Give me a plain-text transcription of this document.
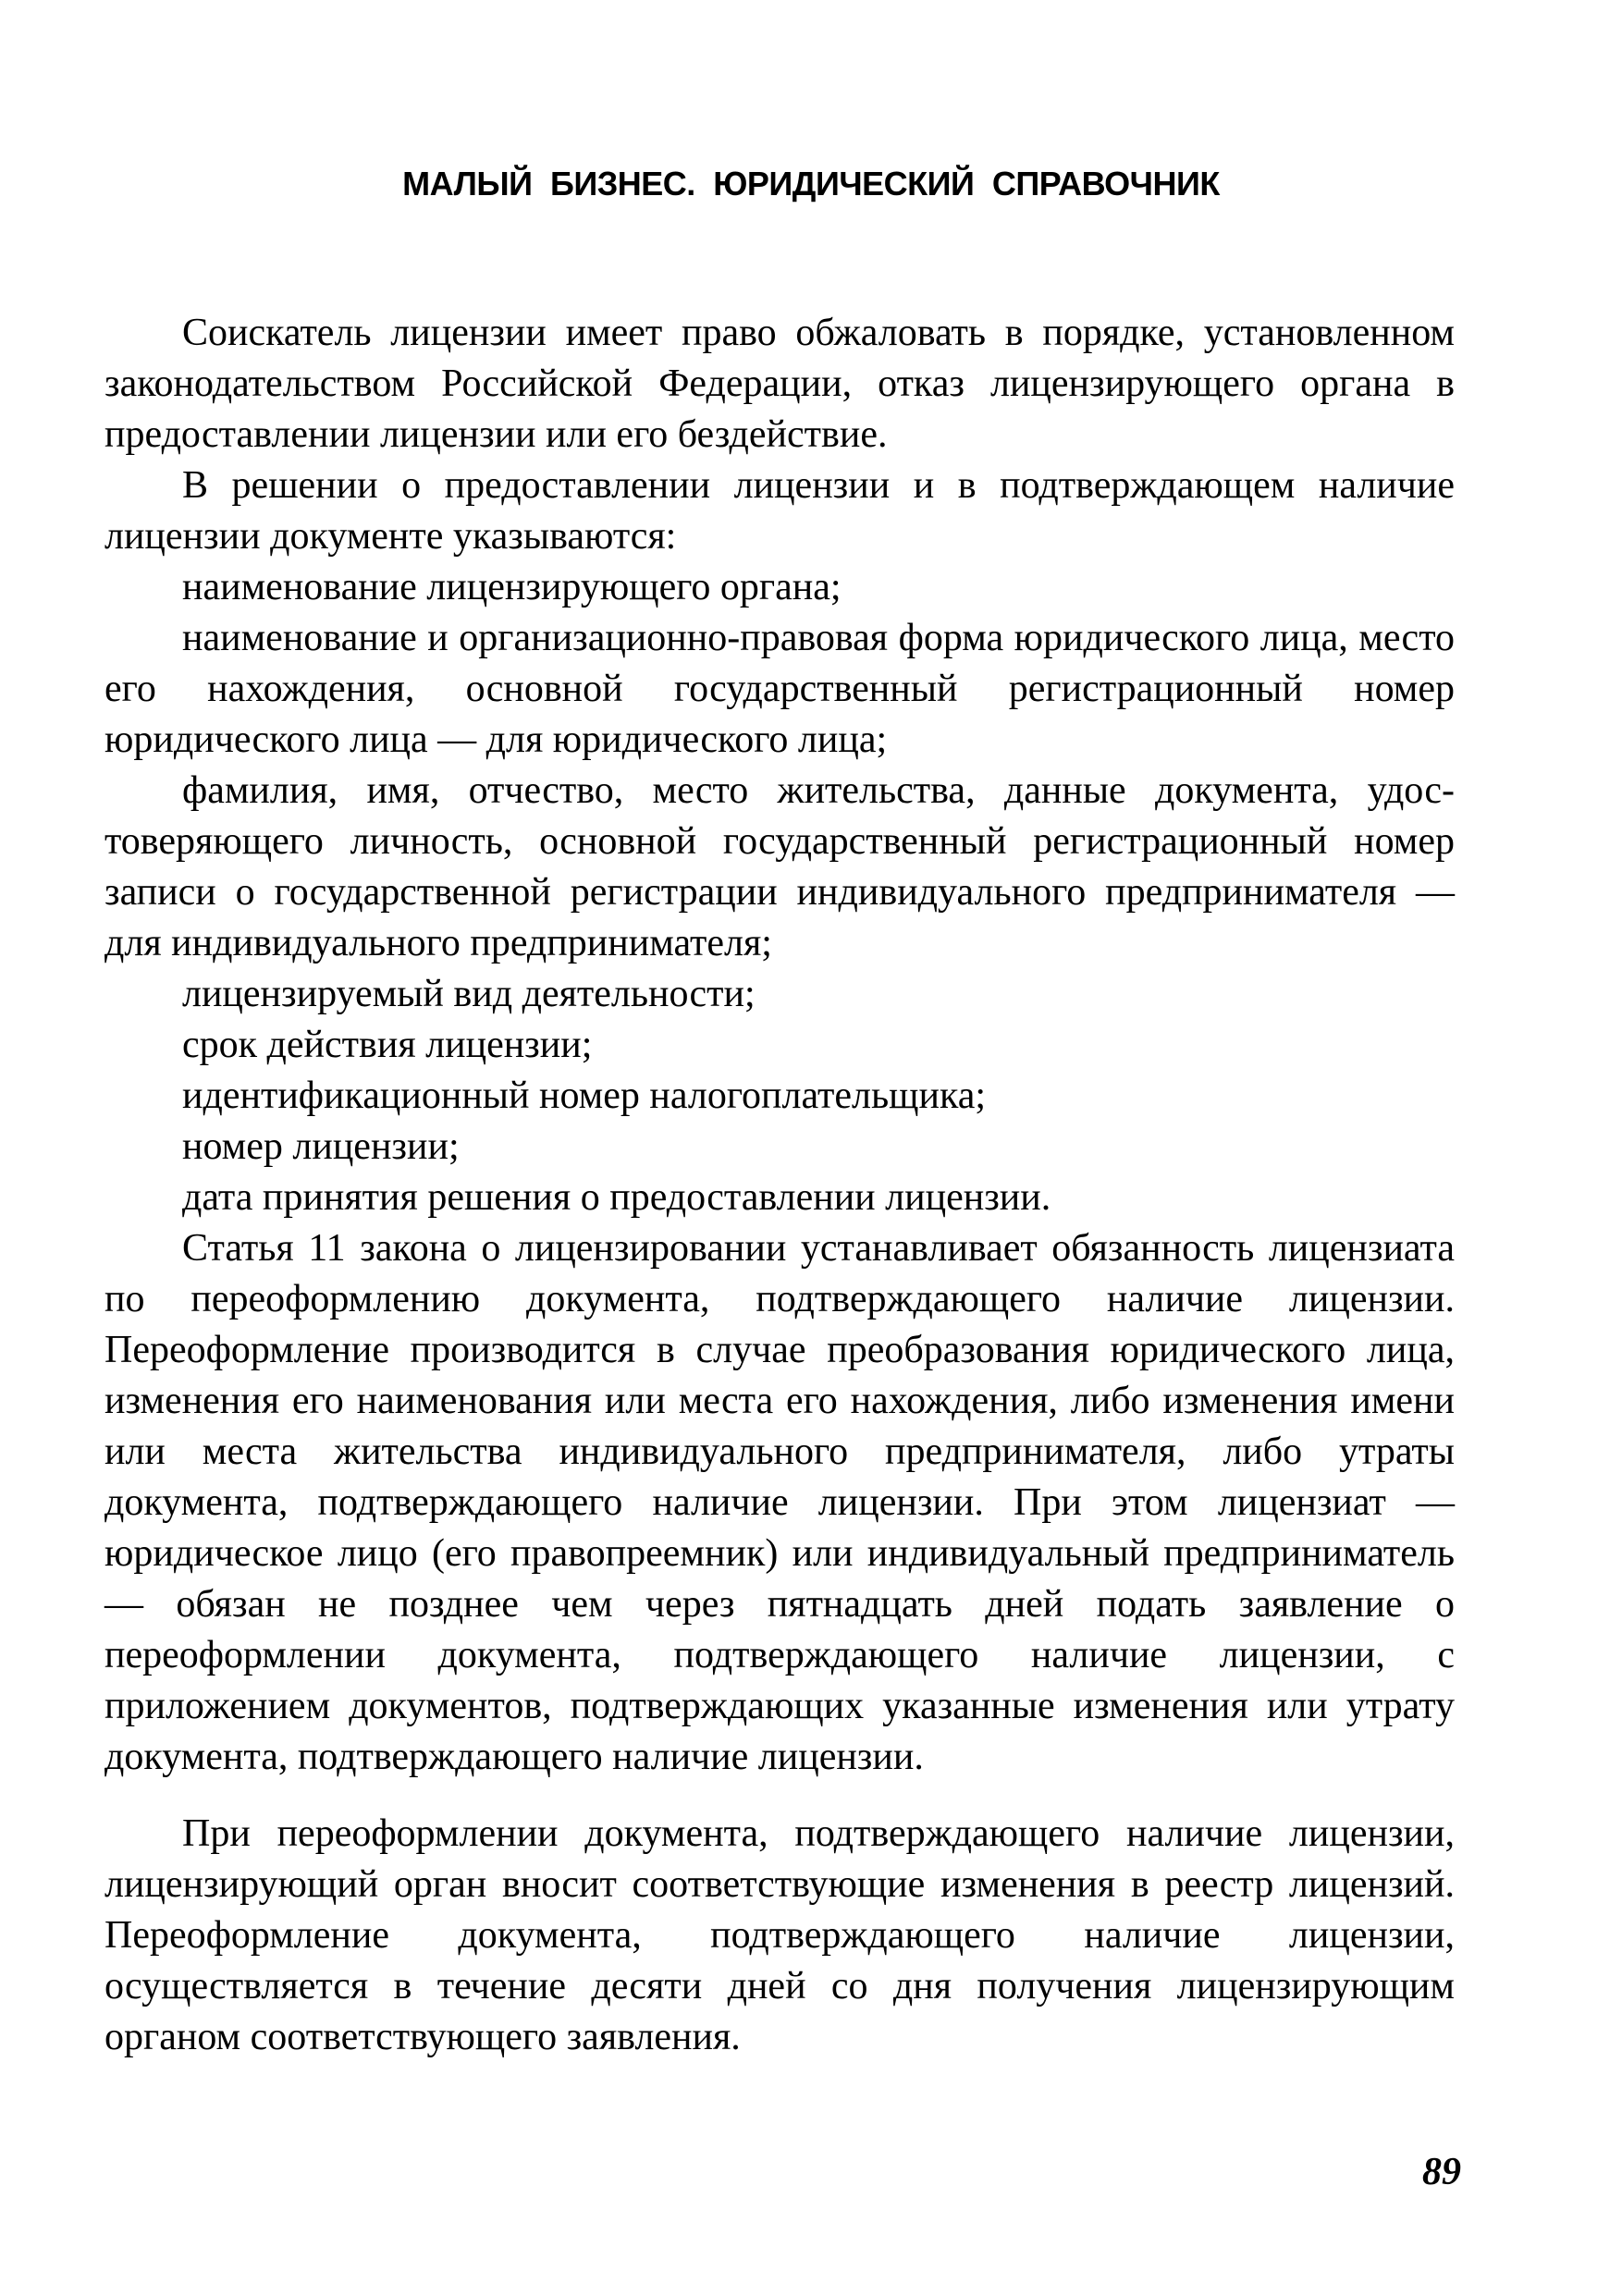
МАЛЫЙ БИЗНЕС. ЮРИДИЧЕСКИЙ СПРАВОЧНИК

Соискатель лицензии имеет право обжаловать в порядке, установленном законодательством Российской Федерации, отказ лицензирующего органа в предоставлении лицензии или его бездействие.

В решении о предоставлении лицензии и в подтверждающем наличие лицензии документе указываются:

наименование лицензирующего органа;

наименование и организационно-правовая форма юридического лица, место его нахождения, основной государственный регистрационный номер юридического лица — для юридического лица;

фамилия, имя, отчество, место жительства, данные документа, удостоверяющего личность, основной государственный регистрационный номер записи о государственной регистрации индивидуального предпринимателя — для индивидуального предпринимателя;

лицензируемый вид деятельности;

срок действия лицензии;

идентификационный номер налогоплательщика;

номер лицензии;

дата принятия решения о предоставлении лицензии.

Статья 11 закона о лицензировании устанавливает обязанность лицензиата по переоформлению документа, подтверждающего наличие лицензии. Переоформление производится в случае преобразования юридического лица, изменения его наименования или места его нахождения, либо изменения имени или места жительства индивидуального предпринимателя, либо утраты документа, подтверждающего наличие лицензии. При этом лицензиат — юридическое лицо (его правопреемник) или индивидуальный предприниматель — обязан не позднее чем через пятнадцать дней подать заявление о переоформлении документа, подтверждающего наличие лицензии, с приложением документов, подтверждающих указанные изменения или утрату документа, подтверждающего наличие лицензии.

При переоформлении документа, подтверждающего наличие лицензии, лицензирующий орган вносит соответствующие изменения в реестр лицензий. Переоформление документа, подтверждающего наличие лицензии, осуществляется в течение десяти дней со дня получения лицензирующим органом соответствующего заявления.

89
